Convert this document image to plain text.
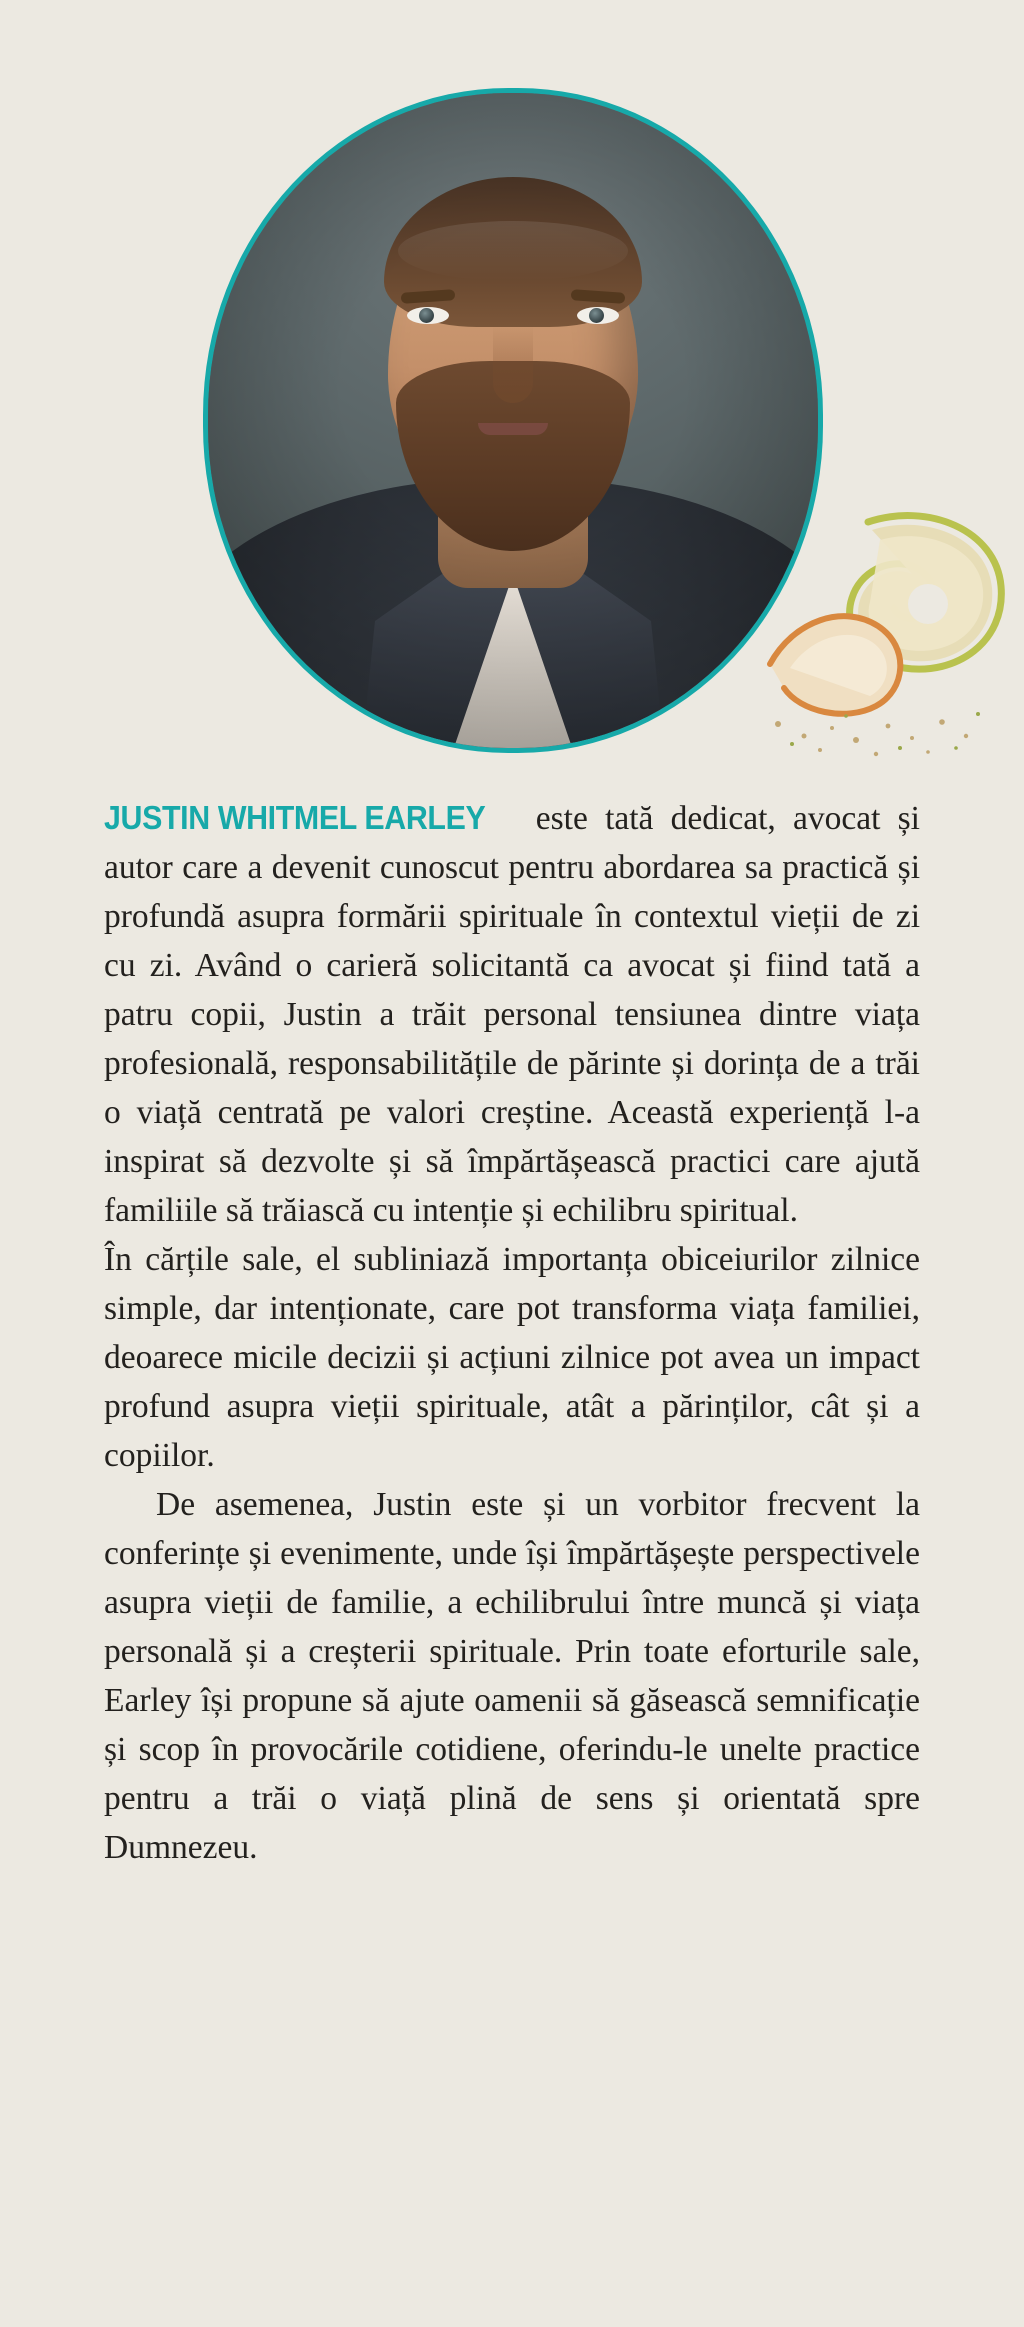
JUSTIN WHITMEL EARLEY este tată dedicat, avocat și autor care a devenit cunoscut pentru abordarea sa practică și profundă asupra formării spirituale în contextul vieții de zi cu zi. Având o carieră solicitantă ca avocat și fiind tată a patru copii, Justin a trăit personal tensiunea dintre viața profesională, responsabilitățile de părinte și dorința de a trăi o viață centrată pe valori creștine. Această experiență l-a inspirat să dezvolte și să împărtășească practici care ajută familiile să trăiască cu intenție și echilibru spiritual.

În cărțile sale, el subliniază importanța obiceiurilor zilnice simple, dar intenționate, care pot transforma viața familiei, deoarece micile decizii și acțiuni zilnice pot avea un impact profund asupra vieții spirituale, atât a părinților, cât și a copiilor.

De asemenea, Justin este și un vorbitor frecvent la conferințe și evenimente, unde își împărtășește perspectivele asupra vieții de familie, a echilibrului între muncă și viața personală și a creșterii spirituale. Prin toate eforturile sale, Earley își propune să ajute oamenii să găsească semnificație și scop în provocările cotidiene, oferindu-le unelte practice pentru a trăi o viață plină de sens și orientată spre Dumnezeu.
